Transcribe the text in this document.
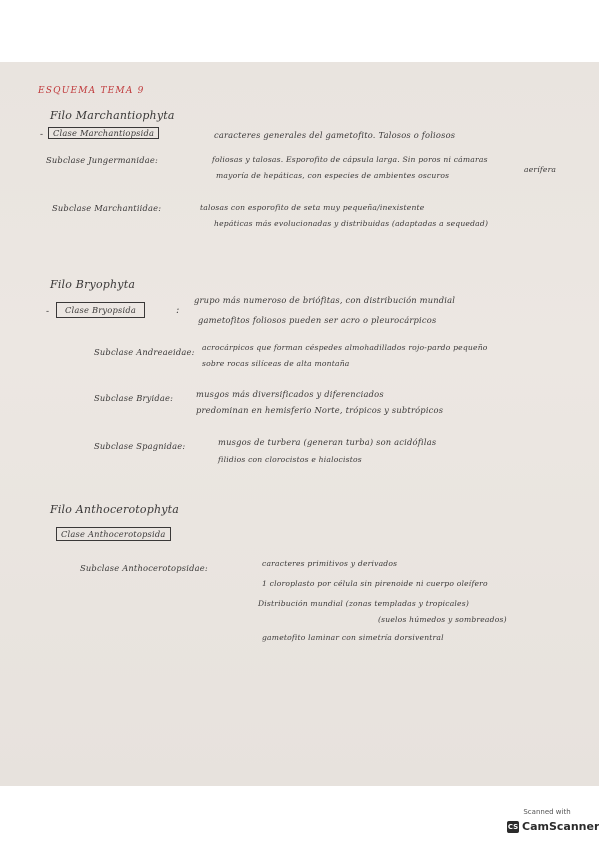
ESQUEMA TEMA 9
Filo Marchantiophyta
-	Clase Marchantiopsida	caracteres generales del gametofito. Talosos o foliosos
Subclase Jungermanidae:	foliosas y talosas. Esporofito de cápsula larga. Sin poros ni cámaras
mayoría de hepáticas, con especies de ambientes oscuros
aerífera
Subclase Marchantiidae:	talosas con esporofito de seta muy pequeña/inexistente
hepáticas más evolucionadas y distribuidas (adaptadas a sequedad)
Filo Bryophyta
-	Clase Bryopsida	:
grupo más numeroso de briófitas, con distribución mundial
gametofitos foliosos pueden ser acro o pleurocárpicos
Subclase Andreaeidae: acrocárpicos que forman céspedes almohadillados rojo-pardo pequeño
sobre rocas silíceas de alta montaña
Subclase Bryidae:	musgos más diversificados y diferenciados
predominan en hemisferio Norte, trópicos y subtrópicos
Subclase Spagnidae:	musgos de turbera (generan turba) son acidófilas
filidios con clorocistos e hialocistos
Filo Anthocerotophyta
Clase Anthocerotopsida
Subclase Anthocerotopsidae:	caracteres primitivos y derivados
1 cloroplasto por célula sin pirenoide ni cuerpo oleífero
Distribución mundial (zonas templadas y tropicales)
(suelos húmedos y sombreados)
gametofito laminar con simetría dorsiventral
Scanned with
CS CamScanner
